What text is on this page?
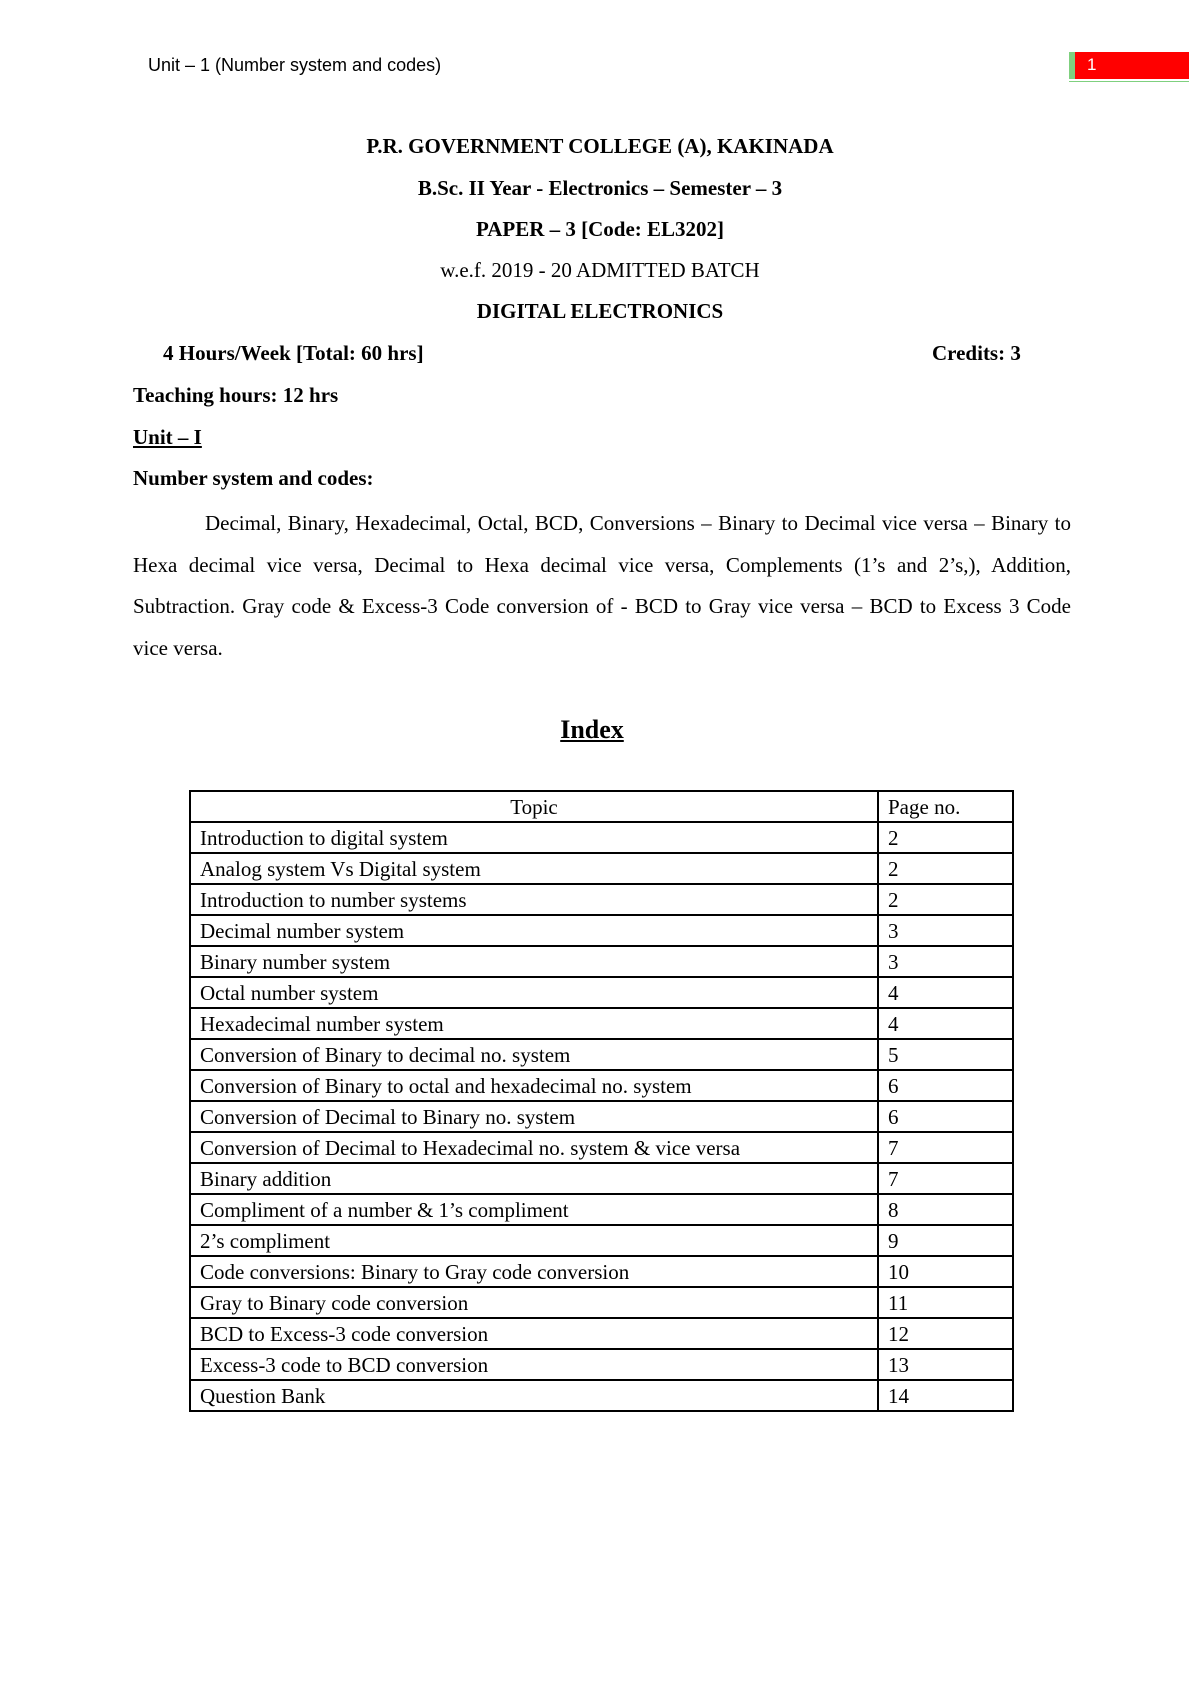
Unit – 1 (Number system and codes)	1
P.R. GOVERNMENT COLLEGE (A), KAKINADA
B.Sc. II Year - Electronics – Semester – 3
PAPER – 3 [Code: EL3202]
w.e.f. 2019 - 20 ADMITTED BATCH
DIGITAL ELECTRONICS
4 Hours/Week [Total: 60 hrs]	Credits: 3
Teaching hours: 12 hrs
Unit – I
Number system and codes:

Decimal, Binary, Hexadecimal, Octal, BCD, Conversions – Binary to Decimal vice versa – Binary to Hexa decimal vice versa, Decimal to Hexa decimal vice versa, Complements (1’s and 2’s,), Addition, Subtraction. Gray code & Excess-3 Code conversion of - BCD to Gray vice versa – BCD to Excess 3 Code vice versa.

Index
Topic	Page no.
Introduction to digital system	2
Analog system Vs Digital system	2
Introduction to number systems	2
Decimal number system	3
Binary number system	3
Octal number system	4
Hexadecimal number system	4
Conversion of Binary to decimal no. system	5
Conversion of Binary to octal and hexadecimal no. system	6
Conversion of Decimal to Binary no. system	6
Conversion of Decimal to Hexadecimal no. system & vice versa	7
Binary addition	7
Compliment of a number & 1’s compliment	8
2’s compliment	9
Code conversions: Binary to Gray code conversion	10
Gray to Binary code conversion	11
BCD to Excess-3 code conversion	12
Excess-3 code to BCD conversion	13
Question Bank	14
